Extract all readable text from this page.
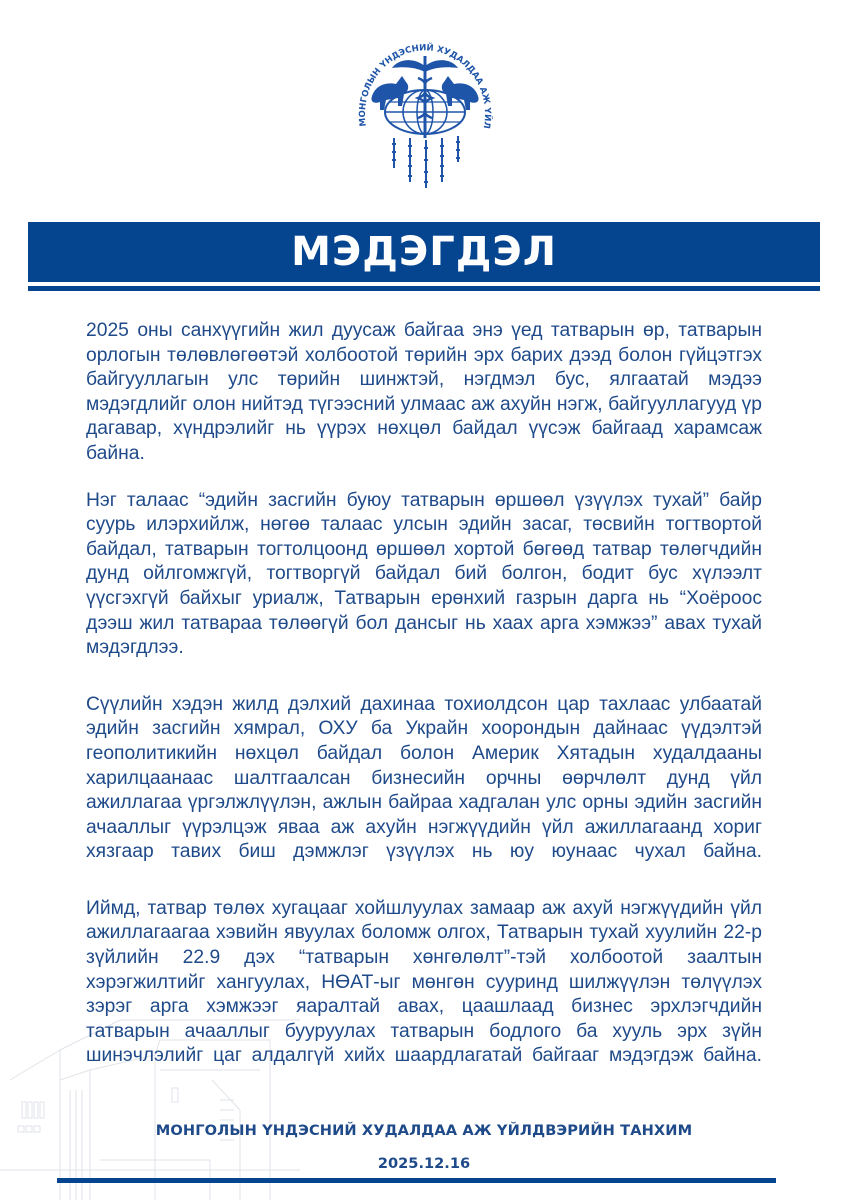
МОНГОЛЫН ҮНДЭСНИЙ ХУДАЛДАА АЖ ҮЙЛ
МЭДЭГДЭЛ

2025 оны санхүүгийн жил дуусаж байгаа энэ үед татварын өр, татварын орлогын төлөвлөгөөтэй холбоотой төрийн эрх барих дээд болон гүйцэтгэх байгууллагын улс төрийн шинжтэй, нэгдмэл бус, ялгаатай мэдээ мэдэгдлийг олон нийтэд түгээсний улмаас аж ахуйн нэгж, байгууллагууд үр дагавар, хүндрэлийг нь үүрэх нөхцөл байдал үүсэж байгаад харамсаж байна.

Нэг талаас “эдийн засгийн буюу татварын өршөөл үзүүлэх тухай” байр суурь илэрхийлж, нөгөө талаас улсын эдийн засаг, төсвийн тогтвортой байдал, татварын тогтолцоонд өршөөл хортой бөгөөд татвар төлөгчдийн дунд ойлгомжгүй, тогтворгүй байдал бий болгон, бодит бус хүлээлт үүсгэхгүй байхыг уриалж, Татварын ерөнхий газрын дарга нь “Хоёроос дээш жил татвараа төлөөгүй бол дансыг нь хаах арга хэмжээ” авах тухай мэдэгдлээ.

Сүүлийн хэдэн жилд дэлхий дахинаа тохиолдсон цар тахлаас улбаатай эдийн засгийн хямрал, ОХУ ба Украйн хоорондын дайнаас үүдэлтэй геополитикийн нөхцөл байдал болон Америк Хятадын худалдааны харилцаанаас шалтгаалсан бизнесийн орчны өөрчлөлт дунд үйл ажиллагаа үргэлжлүүлэн, ажлын байраа хадгалан улс орны эдийн засгийн ачааллыг үүрэлцэж яваа аж ахуйн нэгжүүдийн үйл ажиллагаанд хориг хязгаар тавих биш дэмжлэг үзүүлэх нь юу юунаас чухал байна.

Иймд, татвар төлөх хугацааг хойшлуулах замаар аж ахуй нэгжүүдийн үйл ажиллагаагаа хэвийн явуулах боломж олгох, Татварын тухай хуулийн 22-р зүйлийн 22.9 дэх “татварын хөнгөлөлт”-тэй холбоотой заалтын хэрэгжилтийг хангуулах, НӨАТ-ыг мөнгөн сууринд шилжүүлэн төлүүлэх зэрэг арга хэмжээг яаралтай авах, цаашлаад бизнес эрхлэгчдийн татварын ачааллыг бууруулах татварын бодлого ба хууль эрх зүйн шинэчлэлийг цаг алдалгүй хийх шаардлагатай байгааг мэдэгдэж байна.

МОНГОЛЫН ҮНДЭСНИЙ ХУДАЛДАА АЖ ҮЙЛДВЭРИЙН ТАНХИМ
2025.12.16
